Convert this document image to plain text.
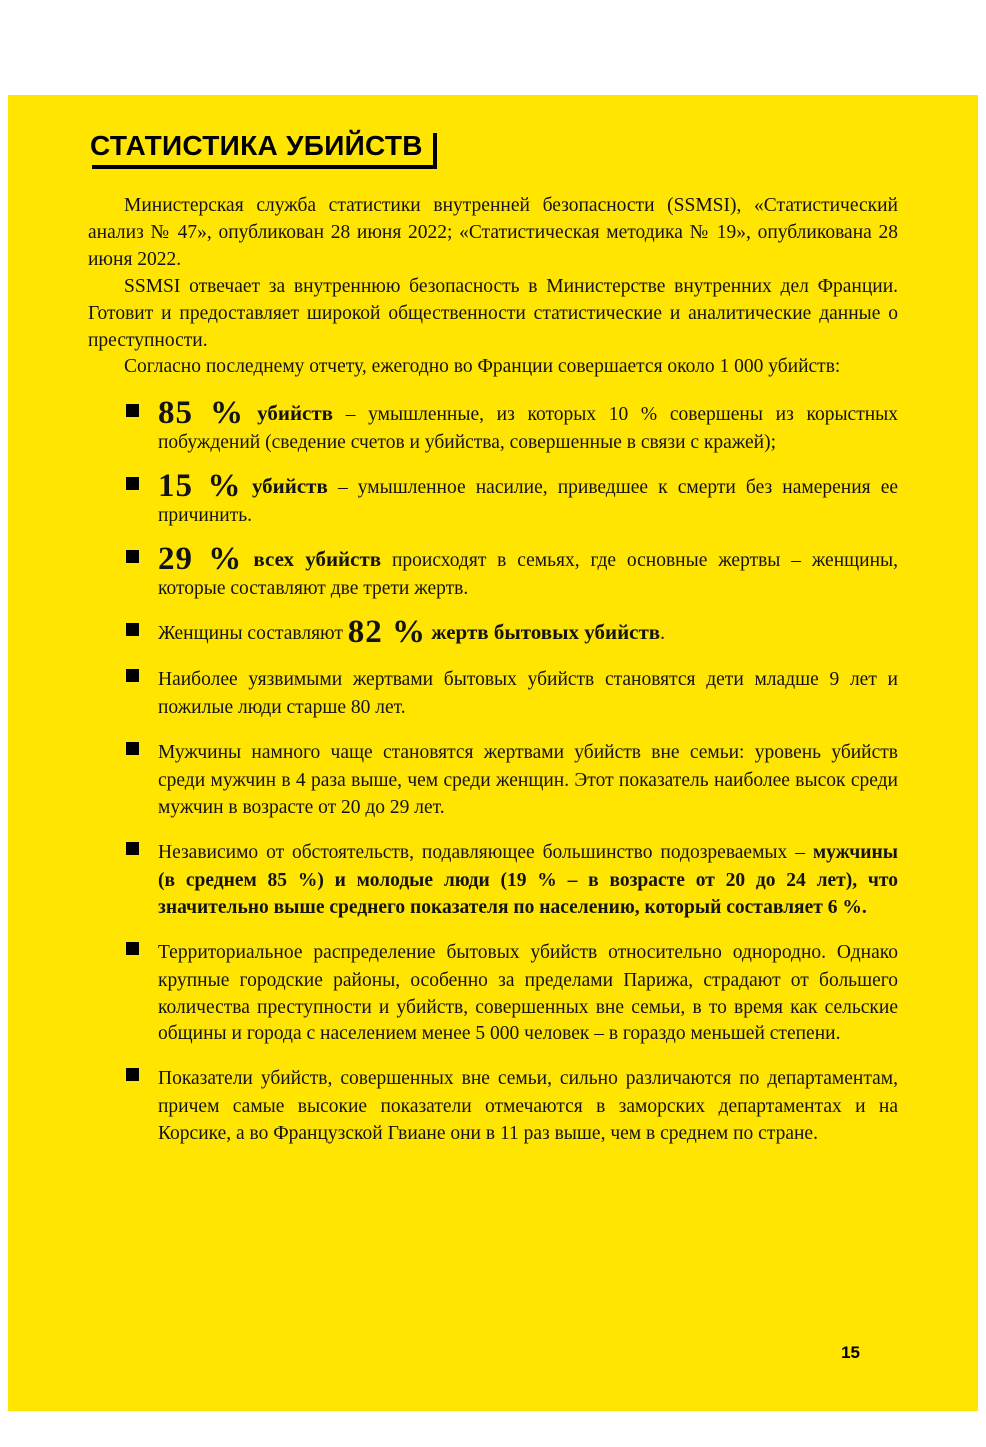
СТАТИСТИКА УБИЙСТВ

Министерская служба статистики внутренней безопасности (SSMSI), «Статистический анализ № 47», опубликован 28 июня 2022; «Статистическая методика № 19», опубликована 28 июня 2022.

SSMSI отвечает за внутреннюю безопасность в Министерстве внутренних дел Франции. Готовит и предоставляет широкой общественности статистические и аналитические данные о преступности.

Согласно последнему отчету, ежегодно во Франции совершается около 1 000 убийств:

85 % убийств – умышленные, из которых 10 % совершены из корыстных побуждений (сведение счетов и убийства, совершенные в связи с кражей);
15 % убийств – умышленное насилие, приведшее к смерти без намерения ее причинить.
29 % всех убийств происходят в семьях, где основные жертвы – женщины, которые составляют две трети жертв.
Женщины составляют 82 % жертв бытовых убийств.
Наиболее уязвимыми жертвами бытовых убийств становятся дети младше 9 лет и пожилые люди старше 80 лет.
Мужчины намного чаще становятся жертвами убийств вне семьи: уровень убийств среди мужчин в 4 раза выше, чем среди женщин. Этот показатель наиболее высок среди мужчин в возрасте от 20 до 29 лет.
Независимо от обстоятельств, подавляющее большинство подозреваемых – мужчины (в среднем 85 %) и молодые люди (19 % – в возрасте от 20 до 24 лет), что значительно выше среднего показателя по населению, который составляет 6 %.
Территориальное распределение бытовых убийств относительно однородно. Однако крупные городские районы, особенно за пределами Парижа, страдают от большего количества преступности и убийств, совершенных вне семьи, в то время как сельские общины и города с населением менее 5 000 человек – в гораздо меньшей степени.
Показатели убийств, совершенных вне семьи, сильно различаются по департаментам, причем самые высокие показатели отмечаются в заморских департаментах и на Корсике, а во Французской Гвиане они в 11 раз выше, чем в среднем по стране.
15
